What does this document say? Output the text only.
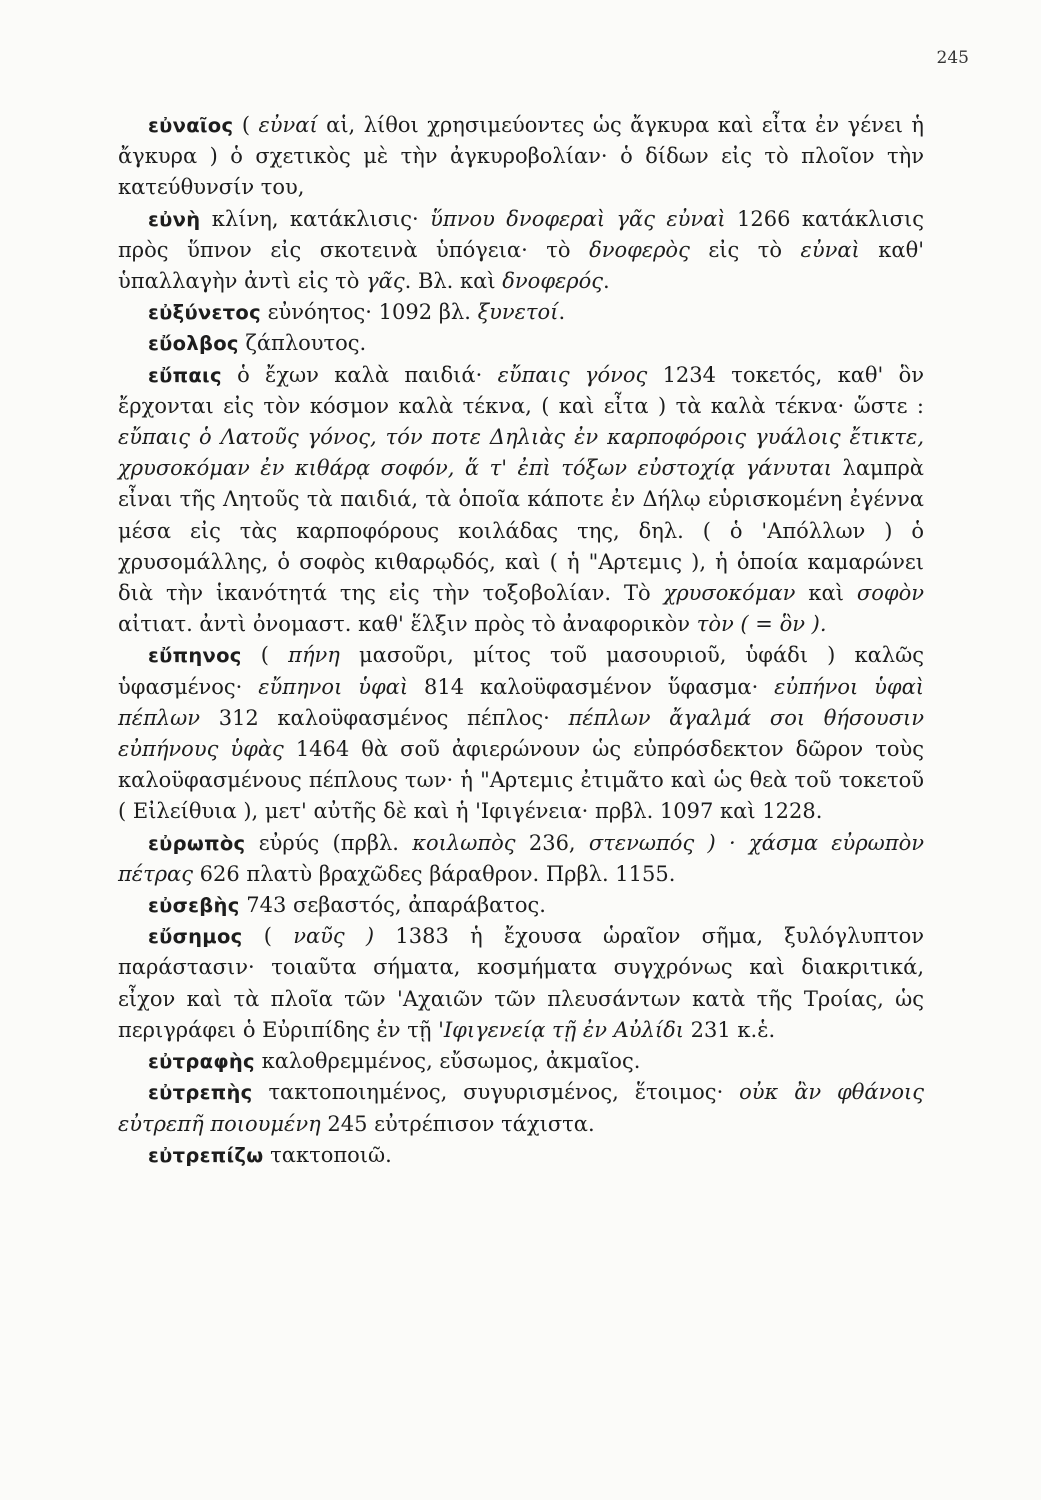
245

εὐναῖος ( εὐναί αἱ, λίθοι χρησιμεύοντες ὡς ἄγκυρα καὶ εἶτα ἐν γένει ἡ ἄγκυρα ) ὁ σχετικὸς μὲ τὴν ἀγκυροβολίαν· ὁ δίδων εἰς τὸ πλοῖον τὴν κατεύθυνσίν του,

εὐνὴ κλίνη, κατάκλισις· ὕπνου δνοφεραὶ γᾶς εὐναὶ 1266 κατάκλισις πρὸς ὕπνον εἰς σκοτεινὰ ὑπόγεια· τὸ δνοφερὸς εἰς τὸ εὐναὶ καθ' ὑπαλλαγὴν ἀντὶ εἰς τὸ γᾶς. Βλ. καὶ δνοφερός.

εὐξύνετος εὐνόητος· 1092 βλ. ξυνετοί.

εὔολβος ζάπλουτος.

εὔπαις ὁ ἔχων καλὰ παιδιά· εὔπαις γόνος 1234 τοκετός, καθ' ὃν ἔρχονται εἰς τὸν κόσμον καλὰ τέκνα, ( καὶ εἶτα ) τὰ καλὰ τέκνα· ὥστε : εὔπαις ὁ Λατοῦς γόνος, τόν ποτε Δηλιὰς ἐν καρποφόροις γυάλοις ἔτικτε, χρυσοκόμαν ἐν κιθάρᾳ σοφόν, ἅ τ' ἐπὶ τόξων εὐστοχίᾳ γάνυται λαμπρὰ εἶναι τῆς Λητοῦς τὰ παιδιά, τὰ ὁποῖα κάποτε ἐν Δήλῳ εὑρισκομένη ἐγέννα μέσα εἰς τὰς καρποφόρους κοιλάδας της, δηλ. ( ὁ 'Απόλλων ) ὁ χρυσομάλλης, ὁ σοφὸς κιθαρῳδός, καὶ ( ἡ "Αρτεμις ), ἡ ὁποία καμαρώνει διὰ τὴν ἱκανότητά της εἰς τὴν τοξοβολίαν. Τὸ χρυσοκόμαν καὶ σοφὸν αἰτιατ. ἀντὶ ὀνομαστ. καθ' ἕλξιν πρὸς τὸ ἀναφορικὸν τὸν ( = ὃν ).

εὔπηνος ( πήνη μασοῦρι, μίτος τοῦ μασουριοῦ, ὑφάδι ) καλῶς ὑφασμένος· εὔπηνοι ὑφαὶ 814 καλοϋφασμένον ὕφασμα· εὐπήνοι ὑφαὶ πέπλων 312 καλοϋφασμένος πέπλος· πέπλων ἄγαλμά σοι θήσουσιν εὐπήνους ὑφὰς 1464 θὰ σοῦ ἀφιερώνουν ὡς εὐπρόσδεκτον δῶρον τοὺς καλοϋφασμένους πέπλους των· ἡ "Αρτεμις ἐτιμᾶτο καὶ ὡς θεὰ τοῦ τοκετοῦ ( Εἰλείθυια ), μετ' αὐτῆς δὲ καὶ ἡ 'Ιφιγένεια· πρβλ. 1097 καὶ 1228.

εὐρωπὸς εὐρύς (πρβλ. κοιλωπὸς 236, στενωπός ) · χάσμα εὐρωπὸν πέτρας 626 πλατὺ βραχῶδες βάραθρον. Πρβλ. 1155.

εὐσεβὴς 743 σεβαστός, ἀπαράβατος.

εὔσημος ( ναῦς ) 1383 ἡ ἔχουσα ὡραῖον σῆμα, ξυλόγλυπτον παράστασιν· τοιαῦτα σήματα, κοσμήματα συγχρόνως καὶ διακριτικά, εἶχον καὶ τὰ πλοῖα τῶν 'Αχαιῶν τῶν πλευσάντων κατὰ τῆς Τροίας, ὡς περιγράφει ὁ Εὐριπίδης ἐν τῇ 'Ιφιγενείᾳ τῇ ἐν Αὐλίδι 231 κ.ἑ.

εὐτραφὴς καλοθρεμμένος, εὔσωμος, ἀκμαῖος.

εὐτρεπὴς τακτοποιημένος, συγυρισμένος, ἕτοιμος· οὐκ ἂν φθάνοις εὐτρεπῆ ποιουμένη 245 εὐτρέπισον τάχιστα.

εὐτρεπίζω τακτοποιῶ.
